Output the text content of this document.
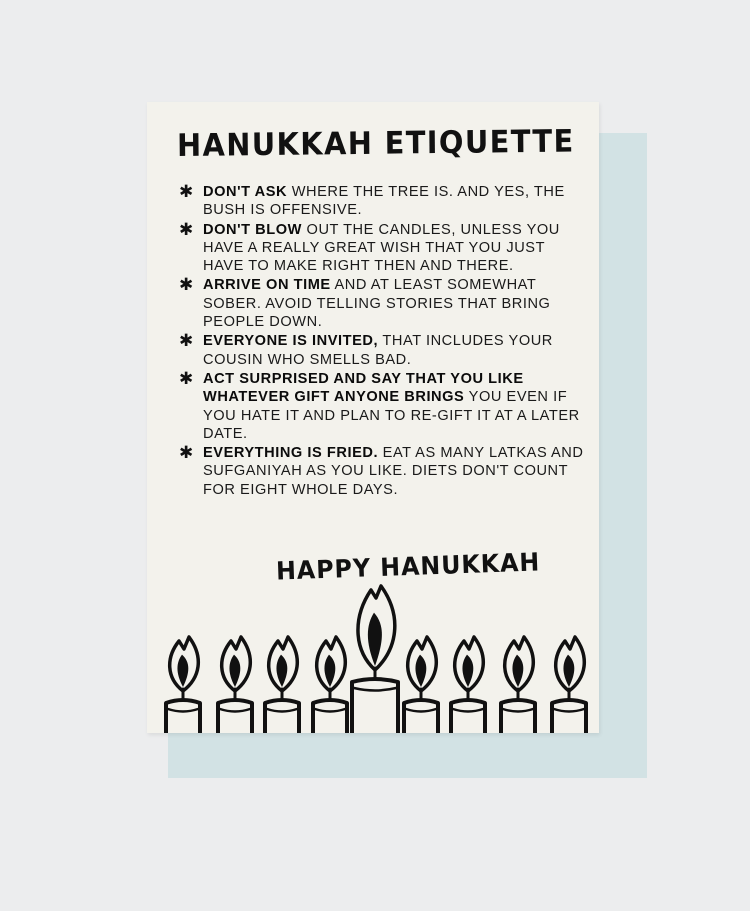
HANUKKAH ETIQUETTE
✱ DON'T ASK WHERE THE TREE IS. AND YES, THE BUSH IS OFFENSIVE.
✱ DON'T BLOW OUT THE CANDLES, UNLESS YOU HAVE A REALLY GREAT WISH THAT YOU JUST HAVE TO MAKE RIGHT THEN AND THERE.
✱ ARRIVE ON TIME AND AT LEAST SOMEWHAT SOBER. AVOID TELLING STORIES THAT BRING PEOPLE DOWN.
✱ EVERYONE IS INVITED, THAT INCLUDES YOUR COUSIN WHO SMELLS BAD.
✱ ACT SURPRISED AND SAY THAT YOU LIKE WHATEVER GIFT ANYONE BRINGS YOU EVEN IF YOU HATE IT AND PLAN TO RE-GIFT IT AT A LATER DATE.
✱ EVERYTHING IS FRIED. EAT AS MANY LATKAS AND SUFGANIYAH AS YOU LIKE. DIETS DON'T COUNT FOR EIGHT WHOLE DAYS.
HAPPY HANUKKAH
